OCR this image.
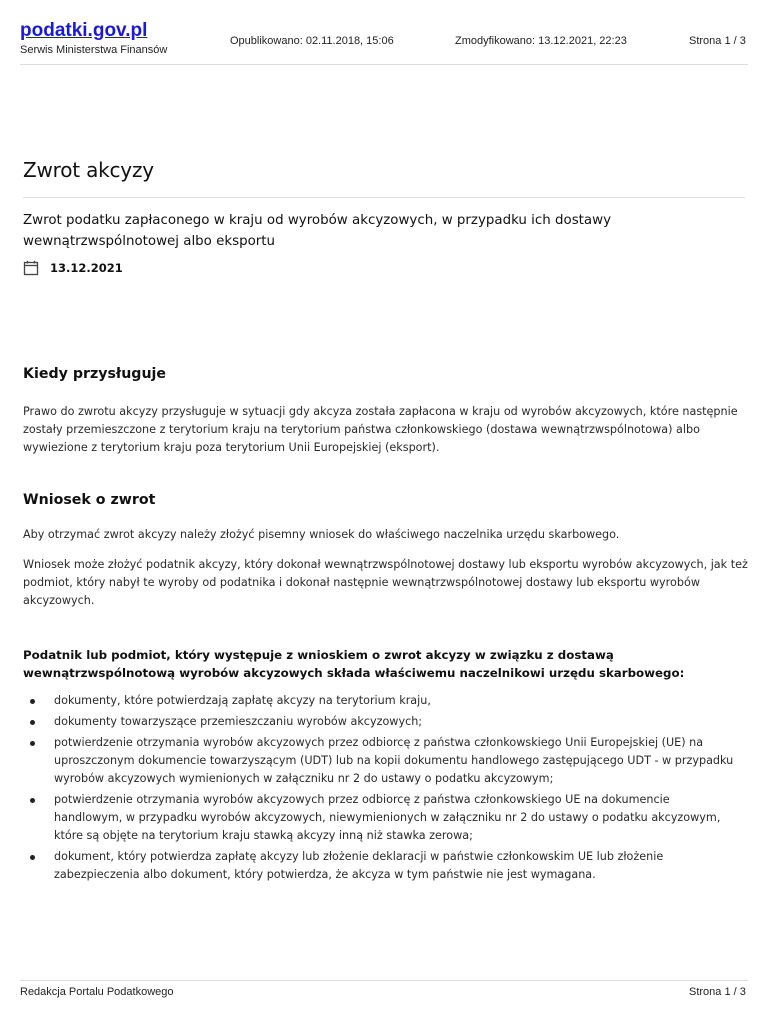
podatki.gov.pl
Serwis Ministerstwa Finansów
Opublikowano: 02.11.2018, 15:06	Zmodyfikowano: 13.12.2021, 22:23	Strona 1 / 3
Zwrot akcyzy
Zwrot podatku zapłaconego w kraju od wyrobów akcyzowych, w przypadku ich dostawy wewnątrzwspólnotowej albo eksportu
13.12.2021
Kiedy przysługuje

Prawo do zwrotu akcyzy przysługuje w sytuacji gdy akcyza została zapłacona w kraju od wyrobów akcyzowych, które następnie zostały przemieszczone z terytorium kraju na terytorium państwa członkowskiego (dostawa wewnątrzwspólnotowa) albo wywiezione z terytorium kraju poza terytorium Unii Europejskiej (eksport).

Wniosek o zwrot

Aby otrzymać zwrot akcyzy należy złożyć pisemny wniosek do właściwego naczelnika urzędu skarbowego.

Wniosek może złożyć podatnik akcyzy, który dokonał wewnątrzwspólnotowej dostawy lub eksportu wyrobów akcyzowych, jak też podmiot, który nabył te wyroby od podatnika i dokonał następnie wewnątrzwspólnotowej dostawy lub eksportu wyrobów akcyzowych.

Podatnik lub podmiot, który występuje z wnioskiem o zwrot akcyzy w związku z dostawą wewnątrzwspólnotową wyrobów akcyzowych składa właściwemu naczelnikowi urzędu skarbowego:

dokumenty, które potwierdzają zapłatę akcyzy na terytorium kraju,
dokumenty towarzyszące przemieszczaniu wyrobów akcyzowych;
potwierdzenie otrzymania wyrobów akcyzowych przez odbiorcę z państwa członkowskiego Unii Europejskiej (UE) na uproszczonym dokumencie towarzyszącym (UDT) lub na kopii dokumentu handlowego zastępującego UDT - w przypadku wyrobów akcyzowych wymienionych w załączniku nr 2 do ustawy o podatku akcyzowym;
potwierdzenie otrzymania wyrobów akcyzowych przez odbiorcę z państwa członkowskiego UE na dokumencie handlowym, w przypadku wyrobów akcyzowych, niewymienionych w załączniku nr 2 do ustawy o podatku akcyzowym, które są objęte na terytorium kraju stawką akcyzy inną niż stawka zerowa;
dokument, który potwierdza zapłatę akcyzy lub złożenie deklaracji w państwie członkowskim UE lub złożenie zabezpieczenia albo dokument, który potwierdza, że akcyza w tym państwie nie jest wymagana.
Redakcja Portalu Podatkowego	Strona 1 / 3
